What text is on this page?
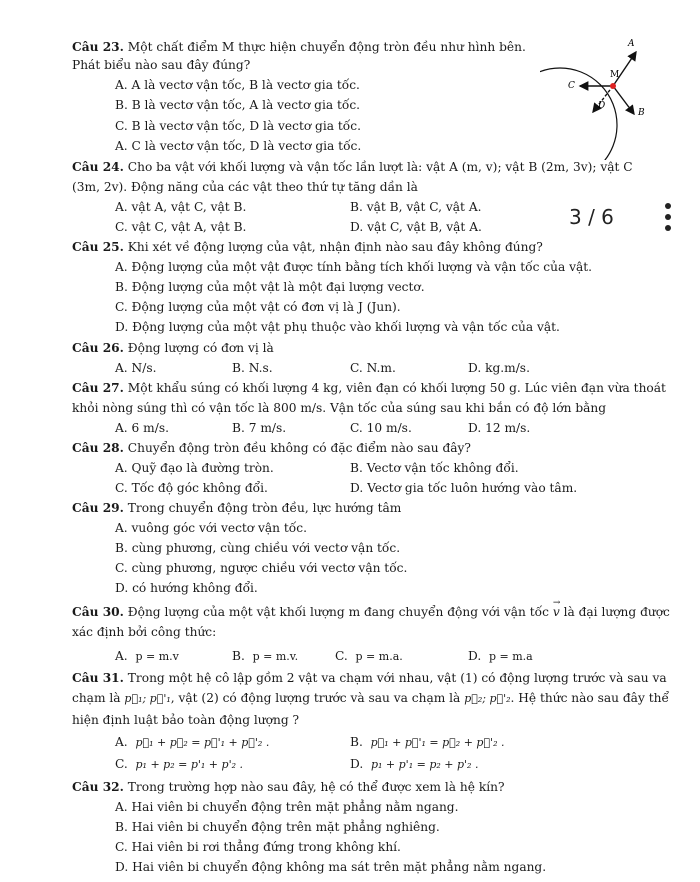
Câu 23. Một chất điểm M thực hiện chuyển động tròn đều như hình bên.
Phát biểu nào sau đây đúng?
A. A là vectơ vận tốc, B là vectơ gia tốc.
B. B là vectơ vận tốc, A là vectơ gia tốc.
C. B là vectơ vận tốc, D là vectơ gia tốc.
A. C là vectơ vận tốc, D là vectơ gia tốc.
A
M
C
D
B
Câu 24. Cho ba vật với khối lượng và vận tốc lần lượt là: vật A (m, v); vật B (2m, 3v); vật C
(3m, 2v). Động năng của các vật theo thứ tự tăng dần là
A. vật A, vật C, vật B.	B. vật B, vật C, vật A.
C. vật C, vật A, vật B.	D. vật C, vật B, vật A.	3 / 6
Câu 25. Khi xét về động lượng của vật, nhận định nào sau đây không đúng?
A. Động lượng của một vật được tính bằng tích khối lượng và vận tốc của vật.
B. Động lượng của một vật là một đại lượng vectơ.
C. Động lượng của một vật có đơn vị là J (Jun).
D. Động lượng của một vật phụ thuộc vào khối lượng và vận tốc của vật.
Câu 26. Động lượng có đơn vị là
A. N/s.	B. N.s.	C. N.m.	D. kg.m/s.
Câu 27. Một khẩu súng có khối lượng 4 kg, viên đạn có khối lượng 50 g. Lúc viên đạn vừa thoát
khỏi nòng súng thì có vận tốc là 800 m/s. Vận tốc của súng sau khi bắn có độ lớn bằng
A. 6 m/s.	B. 7 m/s.	C. 10 m/s.	D. 12 m/s.
Câu 28. Chuyển động tròn đều không có đặc điểm nào sau đây?
A. Quỹ đạo là đường tròn.	B. Vectơ vận tốc không đổi.
C. Tốc độ góc không đổi.	D. Vectơ gia tốc luôn hướng vào tâm.
Câu 29. Trong chuyển động tròn đều, lực hướng tâm
A. vuông góc với vectơ vận tốc.
B. cùng phương, cùng chiều với vectơ vận tốc.
C. cùng phương, ngược chiều với vectơ vận tốc.
D. có hướng không đổi.
Câu 30. Động lượng của một vật khối lượng m đang chuyển động với vận tốc
→
v là đại lượng được
xác định bởi công thức:
A. p = m.v	B. p = m.v.	C. p = m.a.	D. p = m.a
Câu 31. Trong một hệ cô lập gồm 2 vật va chạm với nhau, vật (1) có động lượng trước và sau va
chạm là p⃗₁; p⃗'₁, vật (2) có động lượng trước và sau va chạm là p⃗₂; p⃗'₂. Hệ thức nào sau đây thể
hiện định luật bảo toàn động lượng ?
A. p⃗₁ + p⃗₂ = p⃗'₁ + p⃗'₂ .	B. p⃗₁ + p⃗'₁ = p⃗₂ + p⃗'₂ .
C. p₁ + p₂ = p'₁ + p'₂ .	D. p₁ + p'₁ = p₂ + p'₂ .
Câu 32. Trong trường hợp nào sau đây, hệ có thể được xem là hệ kín?
A. Hai viên bi chuyển động trên mặt phẳng nằm ngang.
B. Hai viên bi chuyển động trên mặt phẳng nghiêng.
C. Hai viên bi rơi thẳng đứng trong không khí.
D. Hai viên bi chuyển động không ma sát trên mặt phẳng nằm ngang.
